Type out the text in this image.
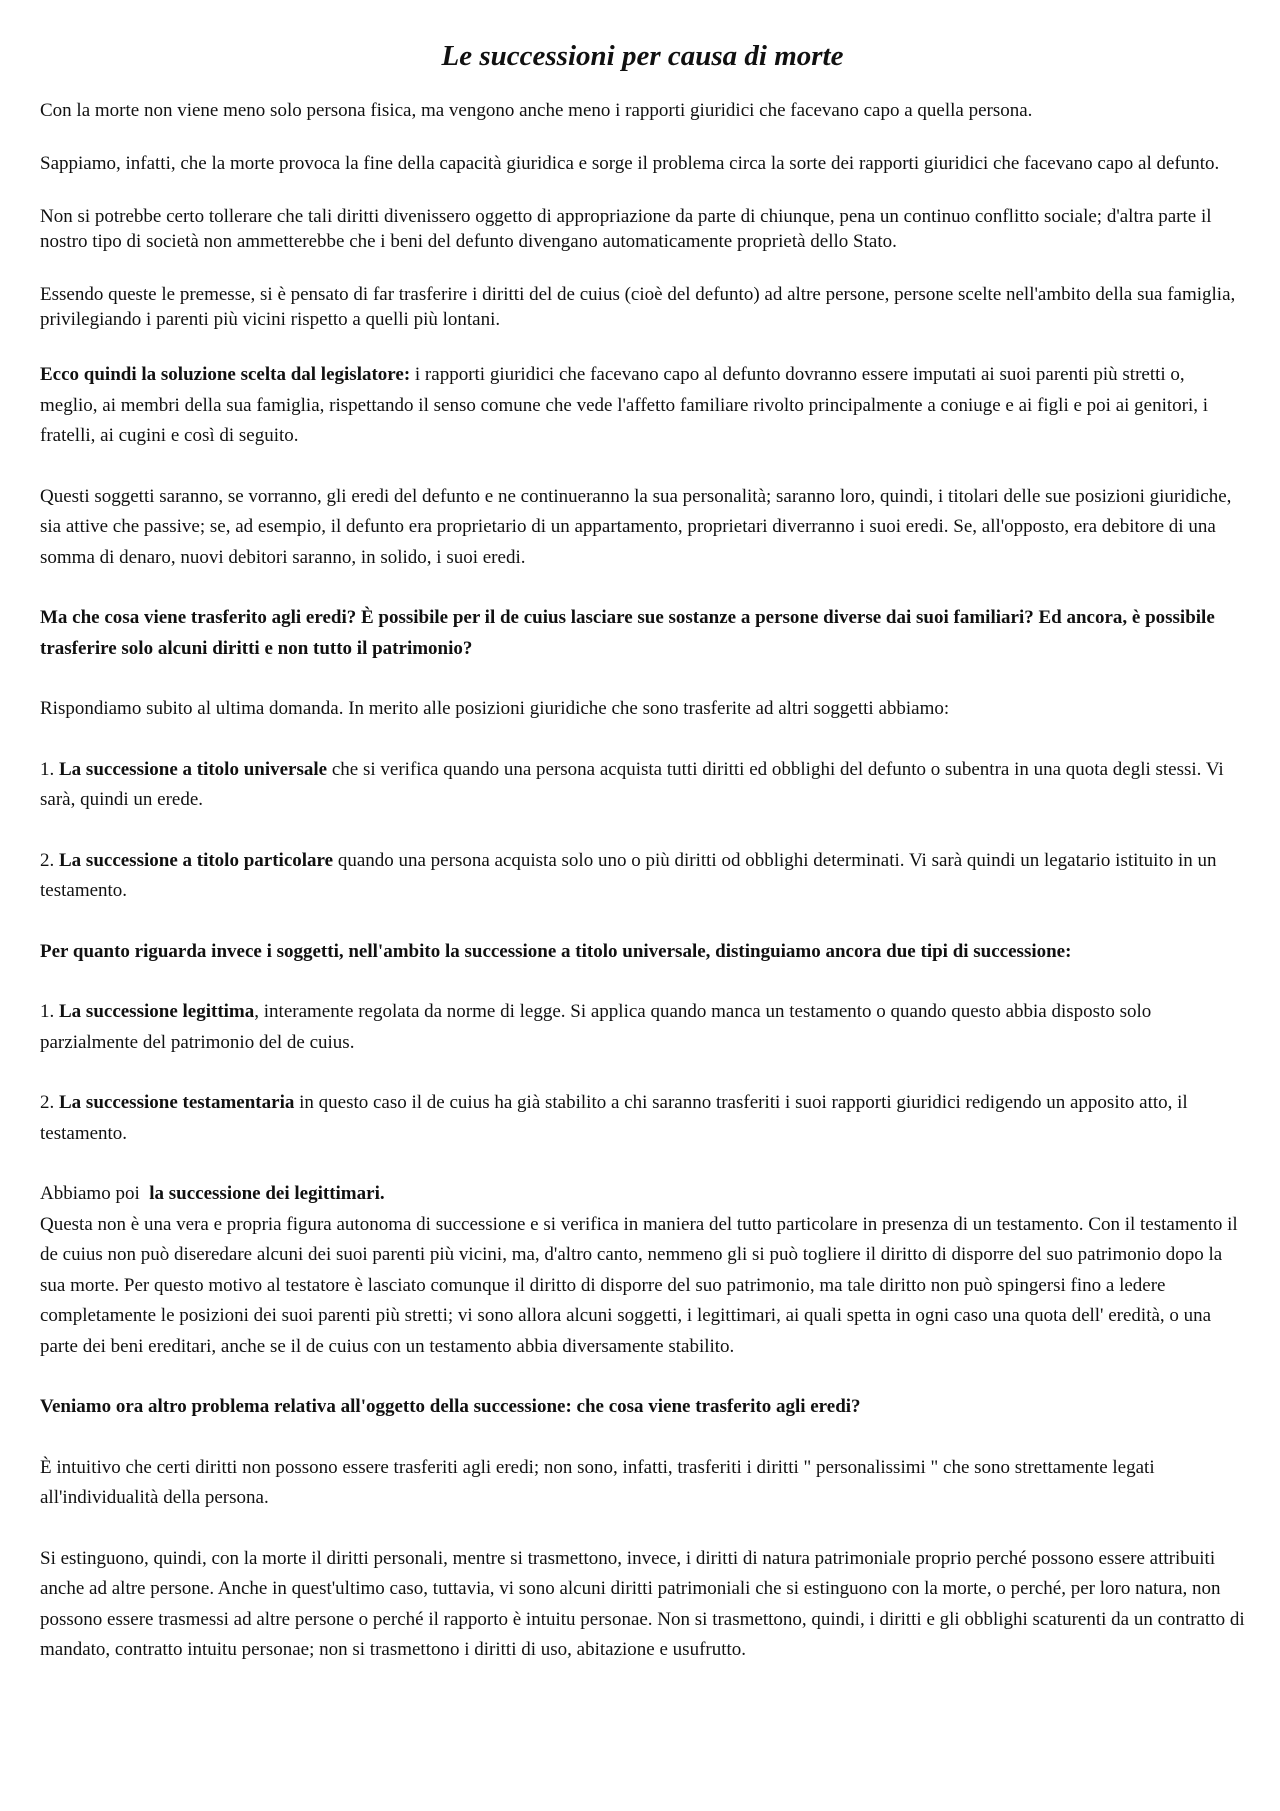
Le successioni per causa di morte

Con la morte non viene meno solo persona fisica, ma vengono anche meno i rapporti giuridici che facevano capo a quella persona.

Sappiamo, infatti, che la morte provoca la fine della capacità giuridica e sorge il problema circa la sorte dei rapporti giuridici che facevano capo al defunto.

Non si potrebbe certo tollerare che tali diritti divenissero oggetto di appropriazione da parte di chiunque, pena un continuo conflitto sociale; d'altra parte il nostro tipo di società non ammetterebbe che i beni del defunto divengano automaticamente proprietà dello Stato.

Essendo queste le premesse, si è pensato di far trasferire i diritti del de cuius (cioè del defunto) ad altre persone, persone scelte nell'ambito della sua famiglia, privilegiando i parenti più vicini rispetto a quelli più lontani.

Ecco quindi la soluzione scelta dal legislatore: i rapporti giuridici che facevano capo al defunto dovranno essere imputati ai suoi parenti più stretti o, meglio, ai membri della sua famiglia, rispettando il senso comune che vede l'affetto familiare rivolto principalmente a coniuge e ai figli e poi ai genitori, i fratelli, ai cugini e così di seguito.

Questi soggetti saranno, se vorranno, gli eredi del defunto e ne continueranno la sua personalità; saranno loro, quindi, i titolari delle sue posizioni giuridiche, sia attive che passive; se, ad esempio, il defunto era proprietario di un appartamento, proprietari diverranno i suoi eredi. Se, all'opposto, era debitore di una somma di denaro, nuovi debitori saranno, in solido, i suoi eredi.

Ma che cosa viene trasferito agli eredi? È possibile per il de cuius lasciare sue sostanze a persone diverse dai suoi familiari? Ed ancora, è possibile trasferire solo alcuni diritti e non tutto il patrimonio?

Rispondiamo subito al ultima domanda. In merito alle posizioni giuridiche che sono trasferite ad altri soggetti abbiamo:

1. La successione a titolo universale che si verifica quando una persona acquista tutti diritti ed obblighi del defunto o subentra in una quota degli stessi. Vi sarà, quindi un erede.

2. La successione a titolo particolare quando una persona acquista solo uno o più diritti od obblighi determinati. Vi sarà quindi un legatario istituito in un testamento.

Per quanto riguarda invece i soggetti, nell'ambito la successione a titolo universale, distinguiamo ancora due tipi di successione:

1. La successione legittima, interamente regolata da norme di legge. Si applica quando manca un testamento o quando questo abbia disposto solo parzialmente del patrimonio del de cuius.

2. La successione testamentaria in questo caso il de cuius ha già stabilito a chi saranno trasferiti i suoi rapporti giuridici redigendo un apposito atto, il testamento.

Abbiamo poi  la successione dei legittimari.

Questa non è una vera e propria figura autonoma di successione e si verifica in maniera del tutto particolare in presenza di un testamento. Con il testamento il de cuius non può diseredare alcuni dei suoi parenti più vicini, ma, d'altro canto, nemmeno gli si può togliere il diritto di disporre del suo patrimonio dopo la sua morte. Per questo motivo al testatore è lasciato comunque il diritto di disporre del suo patrimonio, ma tale diritto non può spingersi fino a ledere completamente le posizioni dei suoi parenti più stretti; vi sono allora alcuni soggetti, i legittimari, ai quali spetta in ogni caso una quota dell' eredità, o una parte dei beni ereditari, anche se il de cuius con un testamento abbia diversamente stabilito.

Veniamo ora altro problema relativa all'oggetto della successione: che cosa viene trasferito agli eredi?

È intuitivo che certi diritti non possono essere trasferiti agli eredi; non sono, infatti, trasferiti i diritti " personalissimi " che sono strettamente legati all'individualità della persona.

Si estinguono, quindi, con la morte il diritti personali, mentre si trasmettono, invece, i diritti di natura patrimoniale proprio perché possono essere attribuiti anche ad altre persone. Anche in quest'ultimo caso, tuttavia, vi sono alcuni diritti patrimoniali che si estinguono con la morte, o perché, per loro natura, non possono essere trasmessi ad altre persone o perché il rapporto è intuitu personae. Non si trasmettono, quindi, i diritti e gli obblighi scaturenti da un contratto di mandato, contratto intuitu personae; non si trasmettono i diritti di uso, abitazione e usufrutto.
